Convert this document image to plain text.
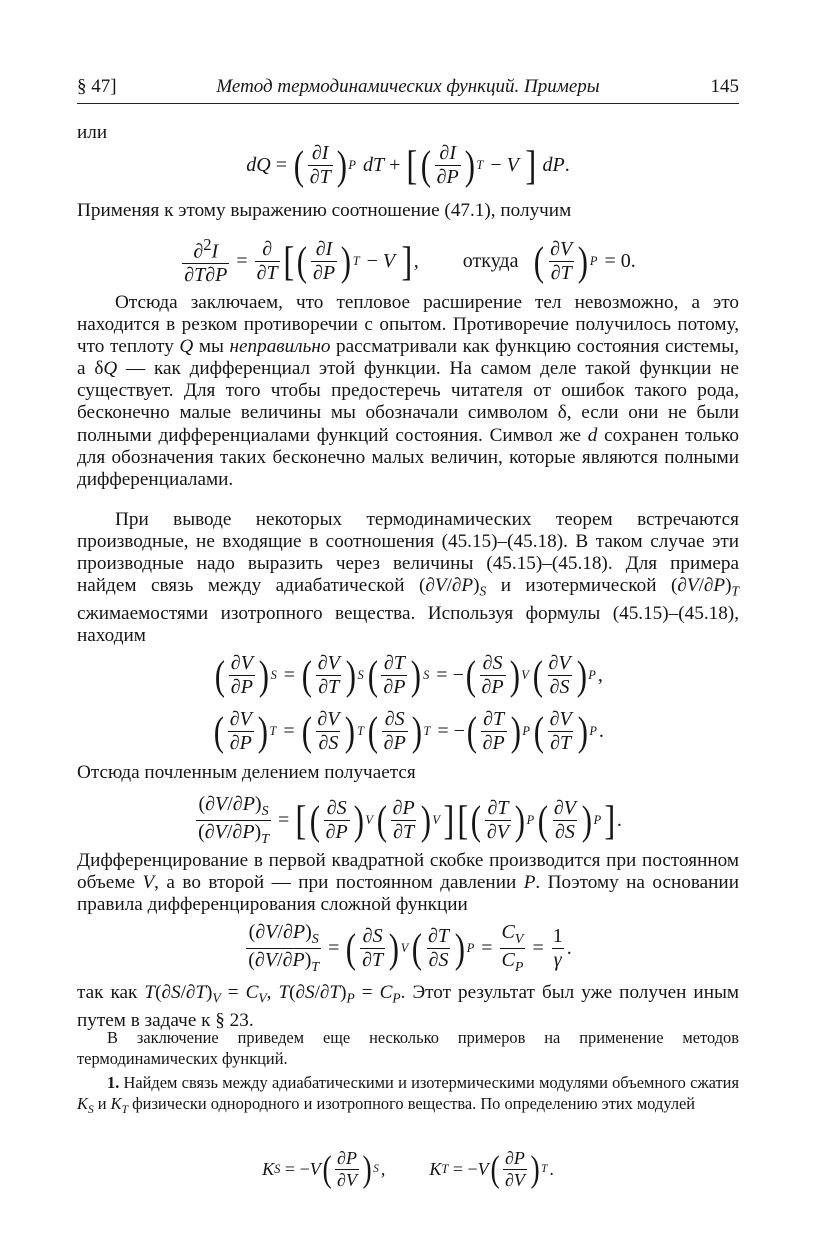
§ 47]	Метод термодинамических функций. Примеры	145

или

dQ = ( ∂I
∂T ) P
dT + [ ( ∂I
∂P ) T − V
]
dP .

Применяя к этому выражению соотношение (47.1), получим

∂$^2$I
∂T∂P
=
∂
∂T [ ( ∂I
∂P ) T − V
] , откуда ( ∂V
∂T ) P = 0.

Отсюда заключаем, что тепловое расширение тел невозможно, а это находится в резком противоречии с опытом. Противоречие получилось потому, что теплоту Q мы неправильно рассматривали как функцию состояния системы, а δQ — как дифференциал этой функции. На самом деле такой функции не существует. Для того чтобы предостеречь читателя от ошибок такого рода, бесконечно малые величины мы обозначали символом δ, если они не были полными дифференциалами функций состояния. Символ же d сохранен только для обозначения таких бесконечно малых величин, которые являются полными дифференциалами.

При выводе некоторых термодинамических теорем встречаются производные, не входящие в соотношения (45.15)–(45.18). В таком случае эти производные надо выразить через величины (45.15)–(45.18). Для примера найдем связь между адиабатической $(\partial V/\partial P)_S$ и изотермической $(\partial V/\partial P)_T$ сжимаемостями изотропного вещества. Используя формулы (45.15)–(45.18), находим

( ∂V
∂P ) S = ( ∂V
∂T ) S ( ∂T
∂P ) S = − ( ∂S
∂P ) V ( ∂V
∂S ) P ,
( ∂V
∂P ) T = ( ∂V
∂S ) T ( ∂S
∂P ) T = − ( ∂T
∂P ) P ( ∂V
∂T ) P .

Отсюда почленным делением получается

$(\partial V/\partial P)_S$
$(\partial V/\partial P)_T$
= [ ( ∂S
∂P ) V ( ∂P
∂T ) V ] [ ( ∂T
∂V ) P ( ∂V
∂S ) P ] .

Дифференцирование в первой квадратной скобке производится при постоянном объеме V, а во второй — при постоянном давлении P. Поэтому на основании правила дифференцирования сложной функции

$(\partial V/\partial P)_S$
$(\partial V/\partial P)_T$
= ( ∂S
∂T ) V ( ∂T
∂S ) P =
$C_V$
$C_P$
=
1
γ
.

так как $T(\partial S/\partial T)_V = C_V$, $T(\partial S/\partial T)_P = C_P$. Этот результат был уже получен иным путем в задаче к § 23.

В заключение приведем еще несколько примеров на применение методов термодинамических функций.

1. Найдем связь между адиабатическими и изотермическими модулями объемного сжатия $K_S$ и $K_T$ физически однородного и изотропного вещества. По определению этих модулей

K S = − V ( ∂P
∂V ) S , K T = − V ( ∂P
∂V ) T .
